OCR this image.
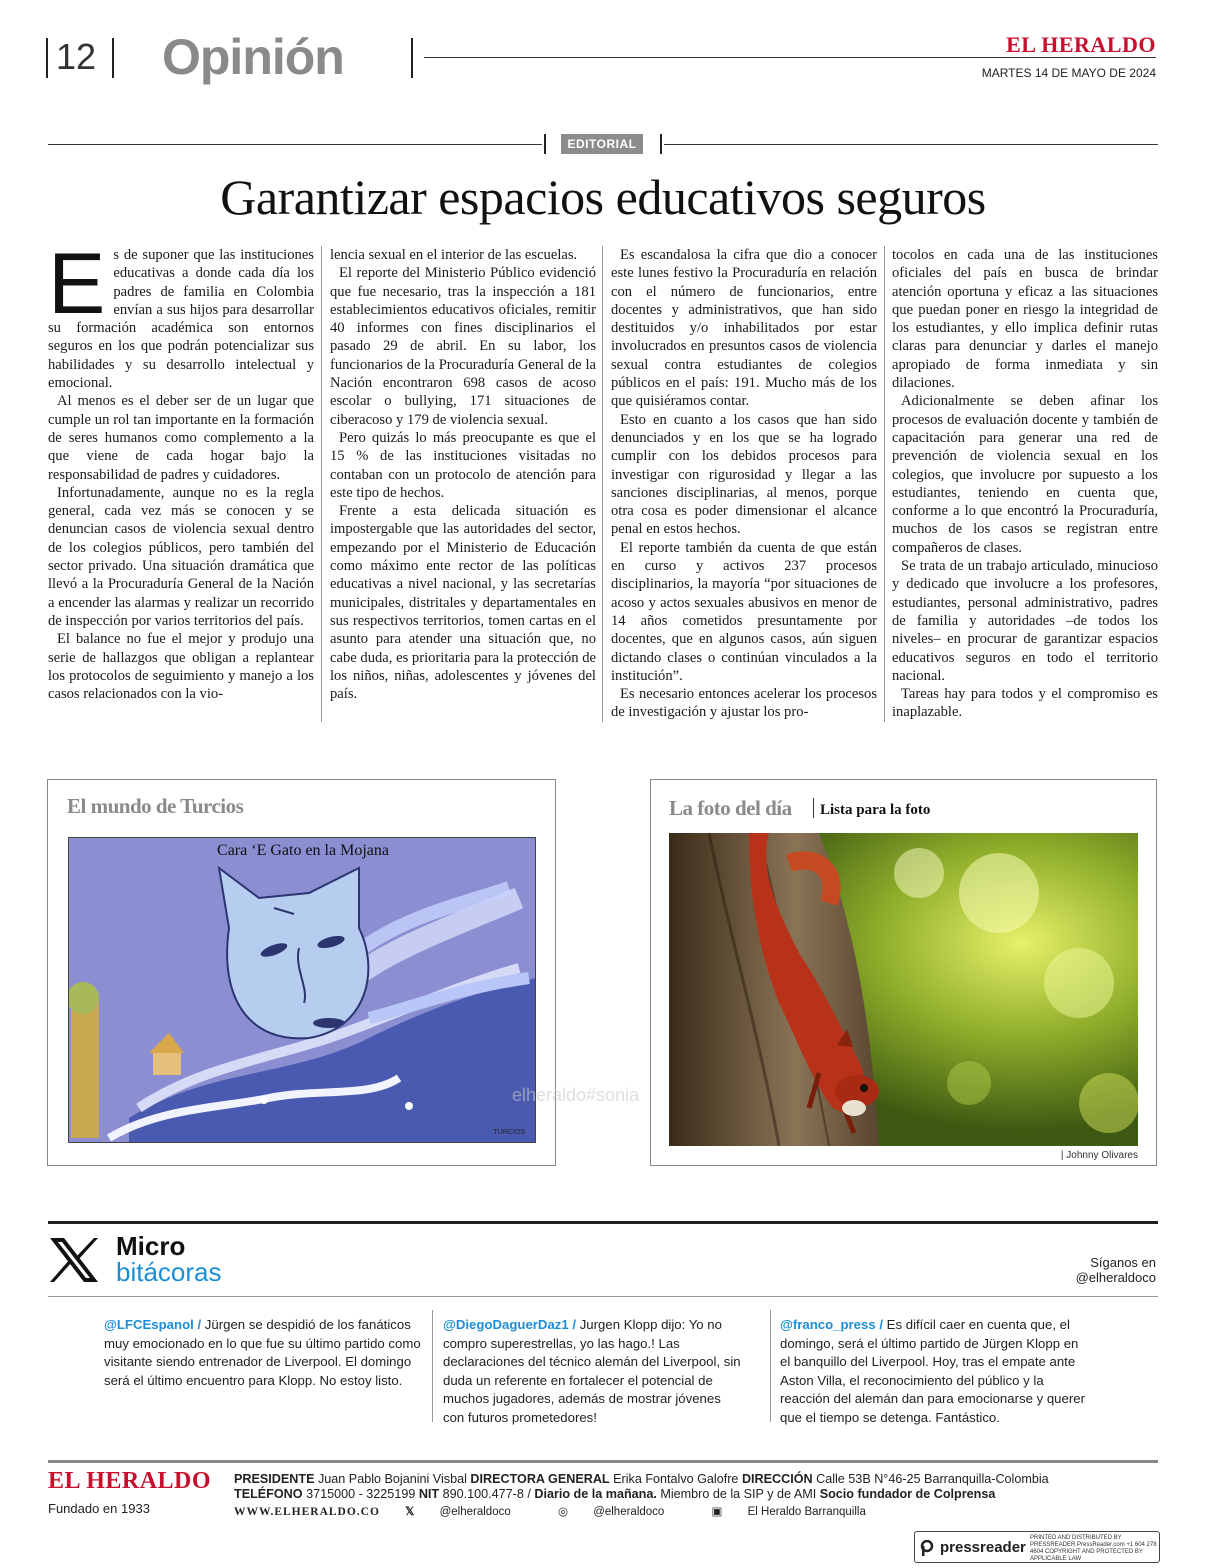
12 Opinión	EL HERALDO
MARTES 14 DE MAYO DE 2024
EDITORIAL
Garantizar espacios educativos seguros
E s de suponer que las instituciones educativas a donde cada día los padres de familia en Colombia envían a sus hijos para desarrollar su formación académica son entornos seguros en los que podrán potencializar sus habilidades y su desarrollo intelectual y emocional.

Al menos es el deber ser de un lugar que cumple un rol tan importante en la formación de seres humanos como complemento a la que viene de cada hogar bajo la responsabilidad de padres y cuidadores.

Infortunadamente, aunque no es la regla general, cada vez más se conocen y se denuncian casos de violencia sexual dentro de los colegios públicos, pero también del sector privado. Una situación dramática que llevó a la Procuraduría General de la Nación a encender las alarmas y realizar un recorrido de inspección por varios territorios del país.

El balance no fue el mejor y produjo una serie de hallazgos que obligan a replantear los protocolos de seguimiento y manejo a los casos relacionados con la vio-

lencia sexual en el interior de las escuelas.

El reporte del Ministerio Público evidenció que fue necesario, tras la inspección a 181 establecimientos educativos oficiales, remitir 40 informes con fines disciplinarios el pasado 29 de abril. En su labor, los funcionarios de la Procuraduría General de la Nación encontraron 698 casos de acoso escolar o bullying, 171 situaciones de ciberacoso y 179 de violencia sexual.

Pero quizás lo más preocupante es que el 15 % de las instituciones visitadas no contaban con un protocolo de atención para este tipo de hechos.

Frente a esta delicada situación es impostergable que las autoridades del sector, empezando por el Ministerio de Educación como máximo ente rector de las políticas educativas a nivel nacional, y las secretarías municipales, distritales y departamentales en sus respectivos territorios, tomen cartas en el asunto para atender una situación que, no cabe duda, es prioritaria para la protección de los niños, niñas, adolescentes y jóvenes del país.

Es escandalosa la cifra que dio a conocer este lunes festivo la Procuraduría en relación con el número de funcionarios, entre docentes y administrativos, que han sido destituidos y/o inhabilitados por estar involucrados en presuntos casos de violencia sexual contra estudiantes de colegios públicos en el país: 191. Mucho más de los que quisiéramos contar.

Esto en cuanto a los casos que han sido denunciados y en los que se ha logrado cumplir con los debidos procesos para investigar con rigurosidad y llegar a las sanciones disciplinarias, al menos, porque otra cosa es poder dimensionar el alcance penal en estos hechos.

El reporte también da cuenta de que están en curso y activos 237 procesos disciplinarios, la mayoría “por situaciones de acoso y actos sexuales abusivos en menor de 14 años cometidos presuntamente por docentes, que en algunos casos, aún siguen dictando clases o continúan vinculados a la institución”.

Es necesario entonces acelerar los procesos de investigación y ajustar los pro-

tocolos en cada una de las instituciones oficiales del país en busca de brindar atención oportuna y eficaz a las situaciones que puedan poner en riesgo la integridad de los estudiantes, y ello implica definir rutas claras para denunciar y darles el manejo apropiado de forma inmediata y sin dilaciones.

Adicionalmente se deben afinar los procesos de evaluación docente y también de capacitación para generar una red de prevención de violencia sexual en los colegios, que involucre por supuesto a los estudiantes, teniendo en cuenta que, conforme a lo que encontró la Procuraduría, muchos de los casos se registran entre compañeros de clases.

Se trata de un trabajo articulado, minucioso y dedicado que involucre a los profesores, estudiantes, personal administrativo, padres de familia y autoridades –de todos los niveles– en procurar de garantizar espacios educativos seguros en todo el territorio nacional.

Tareas hay para todos y el compromiso es inaplazable.

El mundo de Turcios
Cara ‘E Gato en la Mojana
TURCIOS
La foto del día Lista para la foto
| Johnny Olivares
elheraldo#sonia
Micro
bitácoras	Síganos en
@elheraldoco
@LFCEspanol / Jürgen se despidió de los fanáticos muy emocionado en lo que fue su último partido como visitante siendo entrenador de Liverpool. El domingo será el último encuentro para Klopp. No estoy listo.
@DiegoDaguerDaz1 / Jurgen Klopp dijo: Yo no compro superestrellas, yo las hago.! Las declaraciones del técnico alemán del Liverpool, sin duda un referente en fortalecer el potencial de muchos jugadores, además de mostrar jóvenes con futuros prometedores!
@franco_press / Es difícil caer en cuenta que, el domingo, será el último partido de Jürgen Klopp en el banquillo del Liverpool. Hoy, tras el empate ante Aston Villa, el reconocimiento del público y la reacción del alemán dan para emocionarse y querer que el tiempo se detenga. Fantástico.
EL HERALDO
Fundado en 1933
PRESIDENTE Juan Pablo Bojanini Visbal DIRECTORA GENERAL Erika Fontalvo Galofre DIRECCIÓN Calle 53B N°46-25 Barranquilla-Colombia
TELÉFONO 3715000 - 3225199 NIT 890.100.477-8 / Diario de la mañana. Miembro de la SIP y de AMI Socio fundador de Colprensa
WWW.ELHERALDO.CO 𝕏 @elheraldoco	◎ @elheraldoco	▣ El Heraldo Barranquilla
pressreader
PRINTED AND DISTRIBUTED BY PRESSREADER PressReader.com +1 604 278 4604 COPYRIGHT AND PROTECTED BY APPLICABLE LAW
